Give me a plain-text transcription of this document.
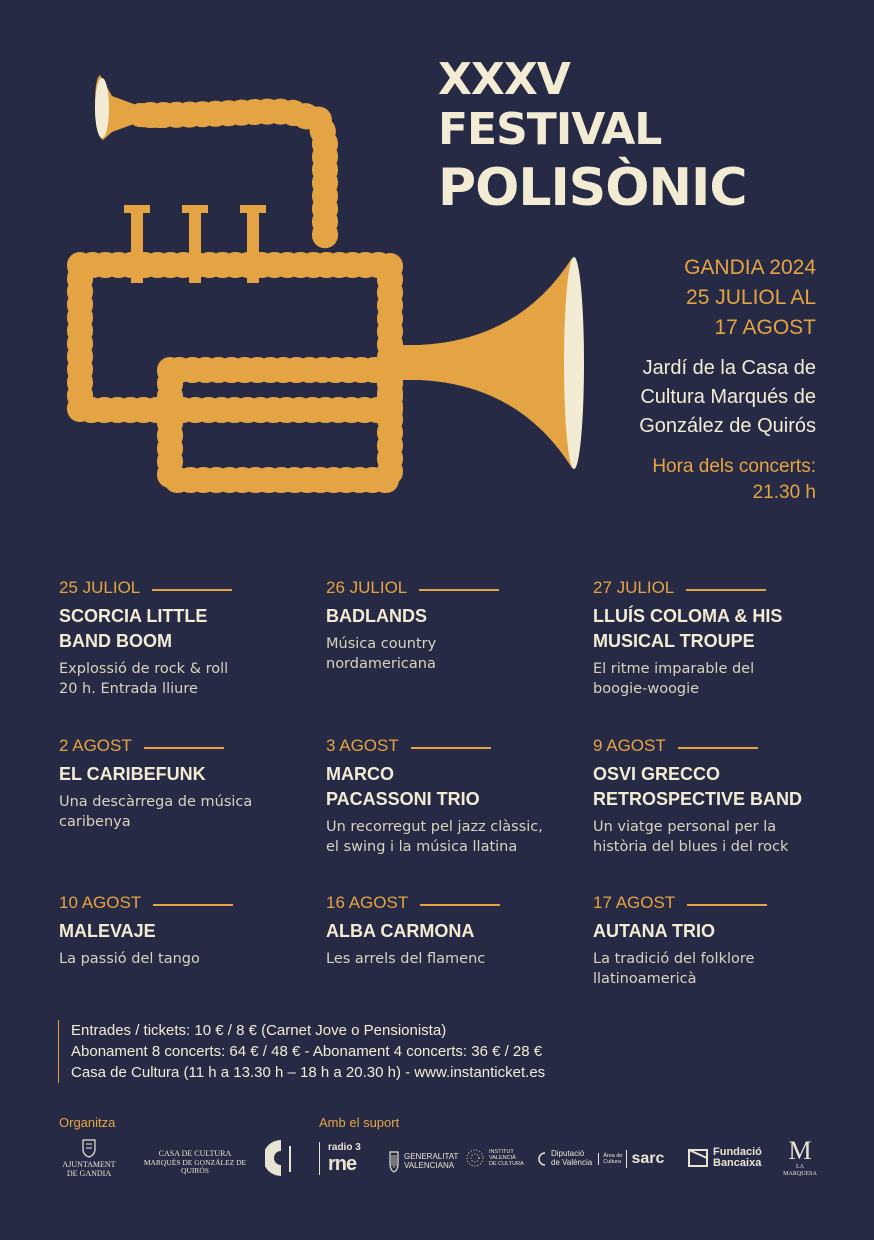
XXXV
FESTIVAL
POLISÒNIC
GANDIA 2024
25 JULIOL AL
17 AGOST
Jardí de la Casa de
Cultura Marqués de
González de Quirós
Hora dels concerts:
21.30 h
25 JULIOL
SCORCIA LITTLE
BAND BOOM
Explossió de rock & roll
20 h. Entrada lliure
26 JULIOL
BADLANDS
Música country
nordamericana
27 JULIOL
LLUÍS COLOMA & HIS
MUSICAL TROUPE
El ritme imparable del
boogie-woogie
2 AGOST
EL CARIBEFUNK
Una descàrrega de música
caribenya
3 AGOST
MARCO
PACASSONI TRIO
Un recorregut pel jazz clàssic,
el swing i la música llatina
9 AGOST
OSVI GRECCO
RETROSPECTIVE BAND
Un viatge personal per la
història del blues i del rock
10 AGOST
MALEVAJE
La passió del tango
16 AGOST
ALBA CARMONA
Les arrels del flamenc
17 AGOST
AUTANA TRIO
La tradició del folklore
llatinoamericà
Entrades / tickets: 10 € / 8 € (Carnet Jove o Pensionista)
Abonament 8 concerts: 64 € / 48 € - Abonament 4 concerts: 36 € / 28 €
Casa de Cultura (11 h a 13.30 h – 18 h a 20.30 h) - www.instanticket.es
Organitza	Amb el suport
AJUNTAMENT
DE GANDIA
CASA DE CULTURA
MARQUÉS DE GONZÁLEZ DE QUIRÓS
radio 3
rne	GENERALITAT
VALENCIANA
INSTITUT
VALENCIÀ
DE CULTURA
Diputació
de València
Àrea de
Cultura sarc	Fundació
Bancaixa	M
LA MARQUESA
